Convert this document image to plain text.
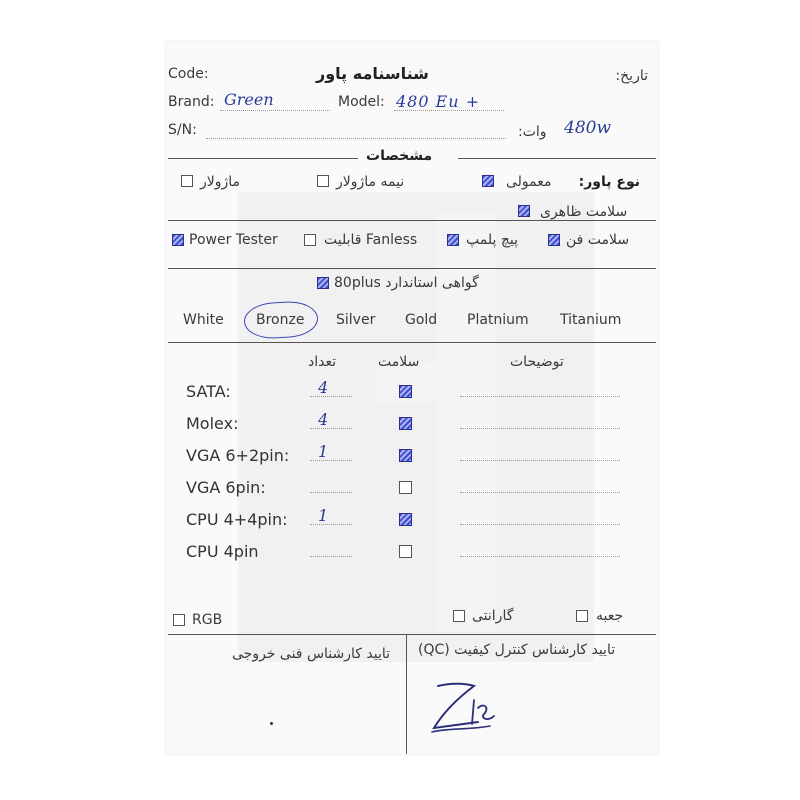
Code:	شناسنامه پاور	تاریخ:
Brand: Green	Model: 480 Eu +
S/N:	وات: 480w
مشخصات
نوع پاور:
معمولی
نیمه ماژولار
ماژولار
سلامت ظاهری
Power Tester	قابلیت Fanless	پیچ پلمپ	سلامت فن
گواهی استاندارد 80plus
White Bronze Silver Gold Platnium Titanium
تعداد	سلامت	توضیحات
SATA:	4
Molex:	4
VGA 6+2pin: 1
VGA 6pin:
CPU 4+4pin: 1
CPU 4pin
RGB	گارانتی	جعبه
تایید کارشناس فنی خروجی تایید کارشناس کنترل کیفیت (QC)
